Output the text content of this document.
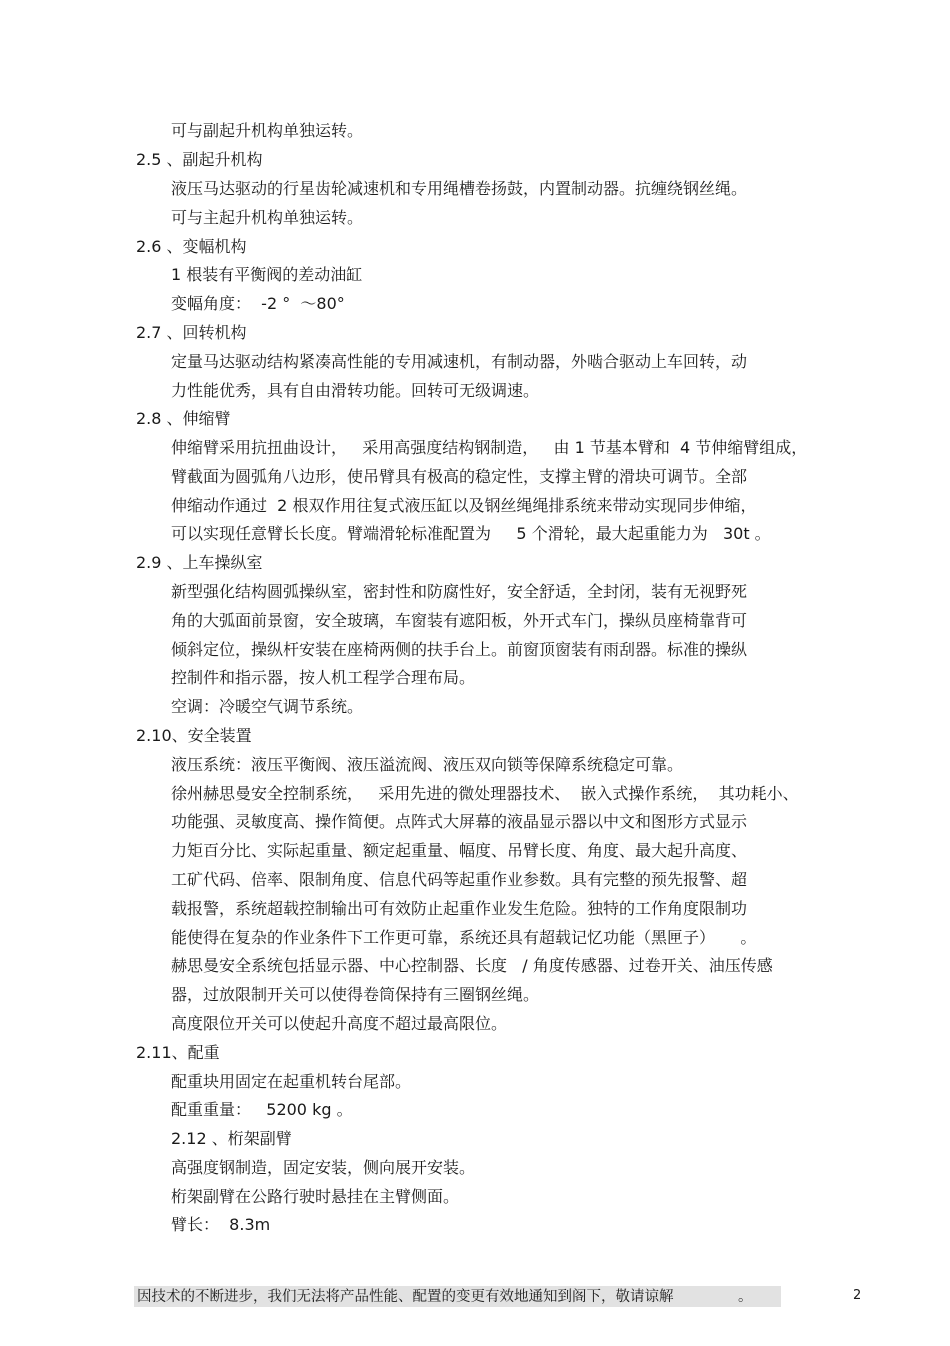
可与副起升机构单独运转。
2.5 、副起升机构
液压马达驱动的行星齿轮减速机和专用绳槽卷扬鼓，内置制动器。抗缠绕钢丝绳。
可与主起升机构单独运转。
2.6 、变幅机构
1 根装有平衡阀的差动油缸
变幅角度：  -2 °  ～80°
2.7 、回转机构
定量马达驱动结构紧凑高性能的专用减速机，有制动器，外啮合驱动上车回转，动
力性能优秀，具有自由滑转功能。回转可无级调速。
2.8 、伸缩臂
伸缩臂采用抗扭曲设计，   采用高强度结构钢制造，   由 1 节基本臂和  4 节伸缩臂组成，
臂截面为圆弧角八边形，使吊臂具有极高的稳定性，支撑主臂的滑块可调节。全部
伸缩动作通过  2 根双作用往复式液压缸以及钢丝绳绳排系统来带动实现同步伸缩，
可以实现任意臂长长度。臂端滑轮标准配置为     5 个滑轮，最大起重能力为   30t 。
2.9 、上车操纵室
新型强化结构圆弧操纵室，密封性和防腐性好，安全舒适，全封闭，装有无视野死
角的大弧面前景窗，安全玻璃，车窗装有遮阳板，外开式车门，操纵员座椅靠背可
倾斜定位，操纵杆安装在座椅两侧的扶手台上。前窗顶窗装有雨刮器。标准的操纵
控制件和指示器，按人机工程学合理布局。
空调：冷暖空气调节系统。
2.10、安全装置
液压系统：液压平衡阀、液压溢流阀、液压双向锁等保障系统稳定可靠。
徐州赫思曼安全控制系统，   采用先进的微处理器技术、  嵌入式操作系统，  其功耗小、
功能强、灵敏度高、操作简便。点阵式大屏幕的液晶显示器以中文和图形方式显示
力矩百分比、实际起重量、额定起重量、幅度、吊臂长度、角度、最大起升高度、
工矿代码、倍率、限制角度、信息代码等起重作业参数。具有完整的预先报警、超
载报警，系统超载控制输出可有效防止起重作业发生危险。独特的工作角度限制功
能使得在复杂的作业条件下工作更可靠，系统还具有超载记忆功能（黑匣子）     。
赫思曼安全系统包括显示器、中心控制器、长度   / 角度传感器、过卷开关、油压传感
器，过放限制开关可以使得卷筒保持有三圈钢丝绳。
高度限位开关可以使起升高度不超过最高限位。
2.11、配重
配重块用固定在起重机转台尾部。
配重重量：   5200 kg 。
2.12 、桁架副臂
高强度钢制造，固定安装，侧向展开安装。
桁架副臂在公路行驶时悬挂在主臂侧面。
臂长：  8.3m
因技术的不断进步，我们无法将产品性能、配置的变更有效地通知到阁下，敬请谅解              。	2
